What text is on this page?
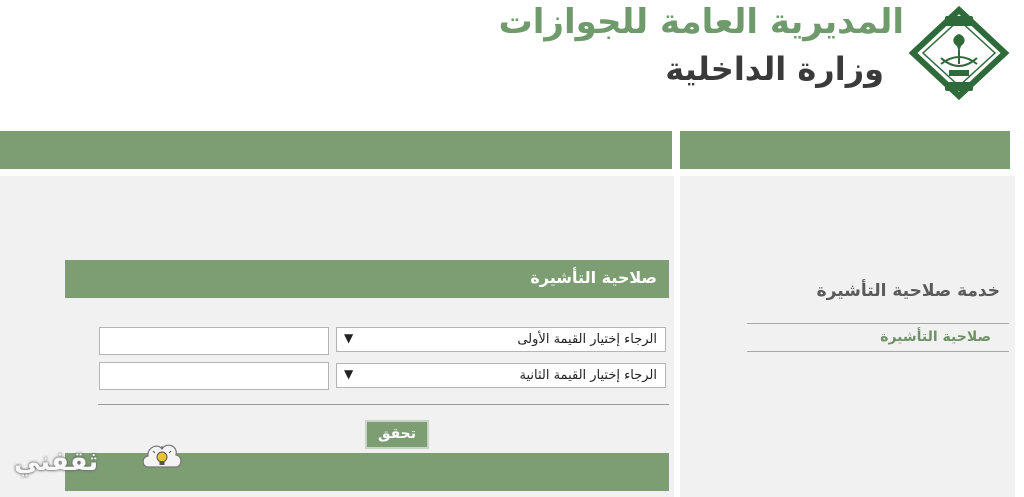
المديرية العامة للجوازات
وزارة الداخلية
خدمة صلاحية التأشيرة
صلاحية التأشيرة
صلاحية التأشيرة
الرجاء إختيار القيمة الأولى
▼
الرجاء إختيار القيمة الثانية
▼
تحقق
ثقفني
